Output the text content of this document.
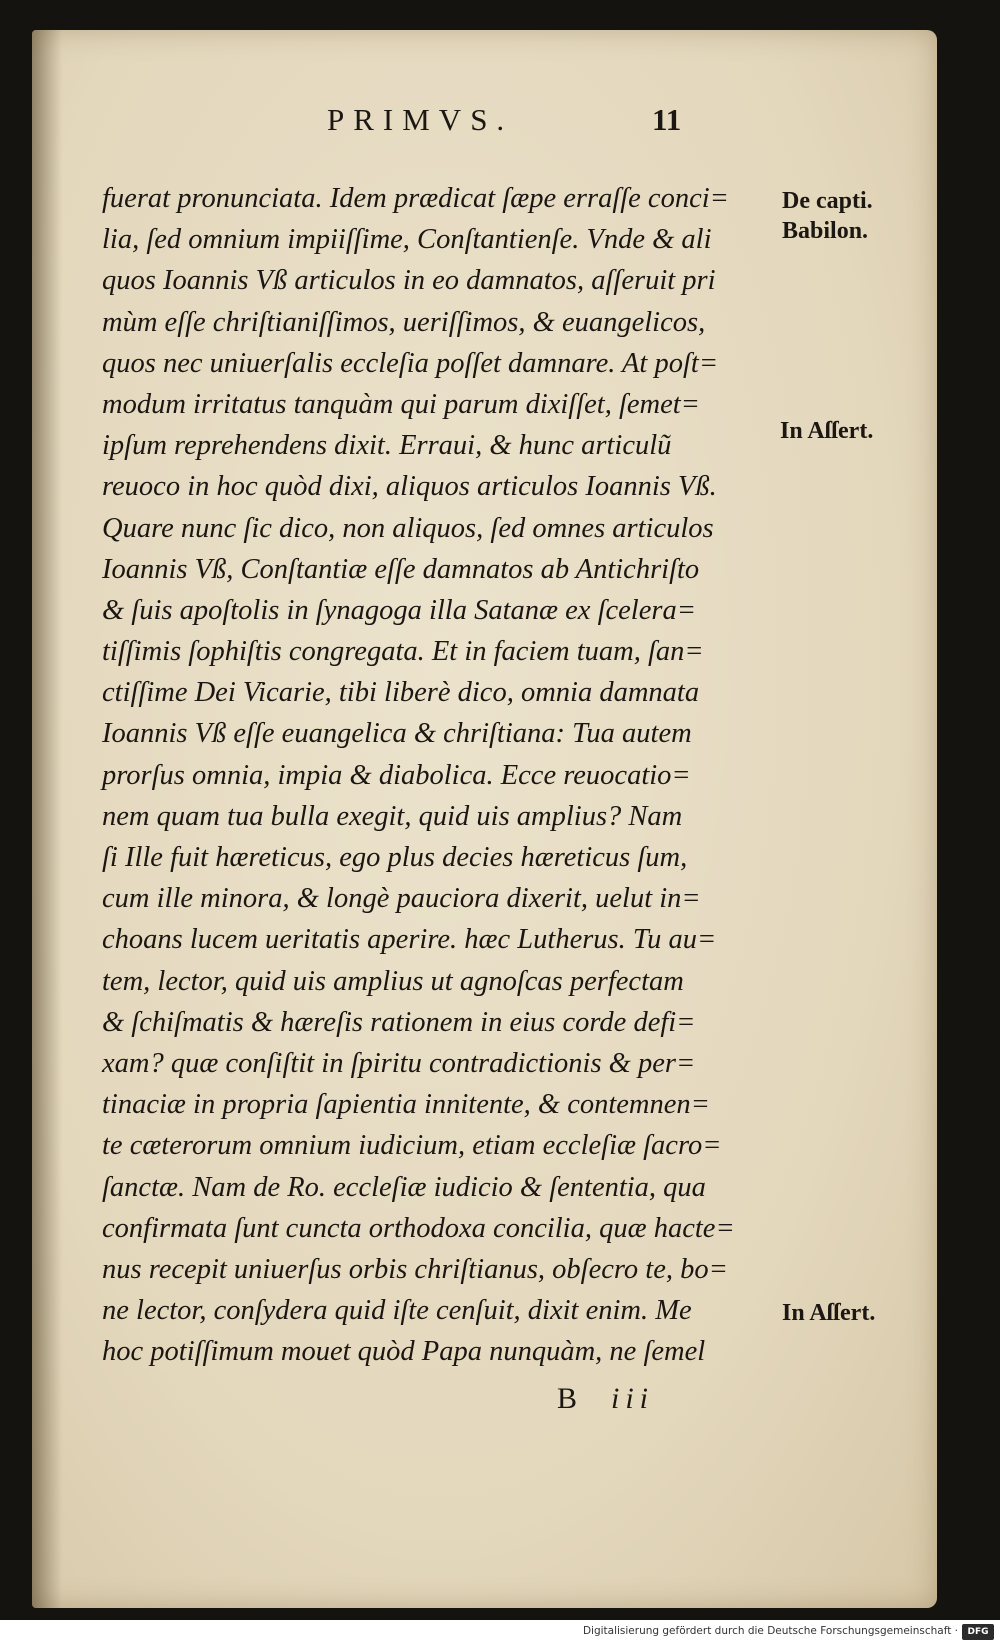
PRIMVS.	11
fuerat pronunciata. Idem prædicat ſæpe erraſſe conci=
lia, ſed omnium impiiſſime, Conſtantienſe. Vnde & ali
quos Ioannis Vß articulos in eo damnatos, aſſeruit pri
mùm eſſe chriſtianiſſimos, ueriſſimos, & euangelicos,
quos nec uniuerſalis eccleſia poſſet damnare. At poſt=
modum irritatus tanquàm qui parum dixiſſet, ſemet=
ipſum reprehendens dixit. Erraui, & hunc articulũ
reuoco in hoc quòd dixi, aliquos articulos Ioannis Vß.
Quare nunc ſic dico, non aliquos, ſed omnes articulos
Ioannis Vß, Conſtantiæ eſſe damnatos ab Antichriſto
& ſuis apoſtolis in ſynagoga illa Satanæ ex ſcelera=
tiſſimis ſophiſtis congregata. Et in faciem tuam, ſan=
ctiſſime Dei Vicarie, tibi liberè dico, omnia damnata
Ioannis Vß eſſe euangelica & chriſtiana: Tua autem
prorſus omnia, impia & diabolica. Ecce reuocatio=
nem quam tua bulla exegit, quid uis amplius? Nam
ſi Ille fuit hæreticus, ego plus decies hæreticus ſum,
cum ille minora, & longè pauciora dixerit, uelut in=
choans lucem ueritatis aperire. hæc Lutherus. Tu au=
tem, lector, quid uis amplius ut agnoſcas perfectam
& ſchiſmatis & hæreſis rationem in eius corde defi=
xam? quæ conſiſtit in ſpiritu contradictionis & per=
tinaciæ in propria ſapientia innitente, & contemnen=
te cæterorum omnium iudicium, etiam eccleſiæ ſacro=
ſanctæ. Nam de Ro. eccleſiæ iudicio & ſententia, qua
confirmata ſunt cuncta orthodoxa concilia, quæ hacte=
nus recepit uniuerſus orbis chriſtianus, obſecro te, bo=
ne lector, conſydera quid iſte cenſuit, dixit enim. Me
hoc potiſſimum mouet quòd Papa nunquàm, ne ſemel
De capti.
Babilon.
In Aſſert.
In Aſſert.
B iii
Digitalisierung gefördert durch die Deutsche Forschungsgemeinschaft ·	DFG
